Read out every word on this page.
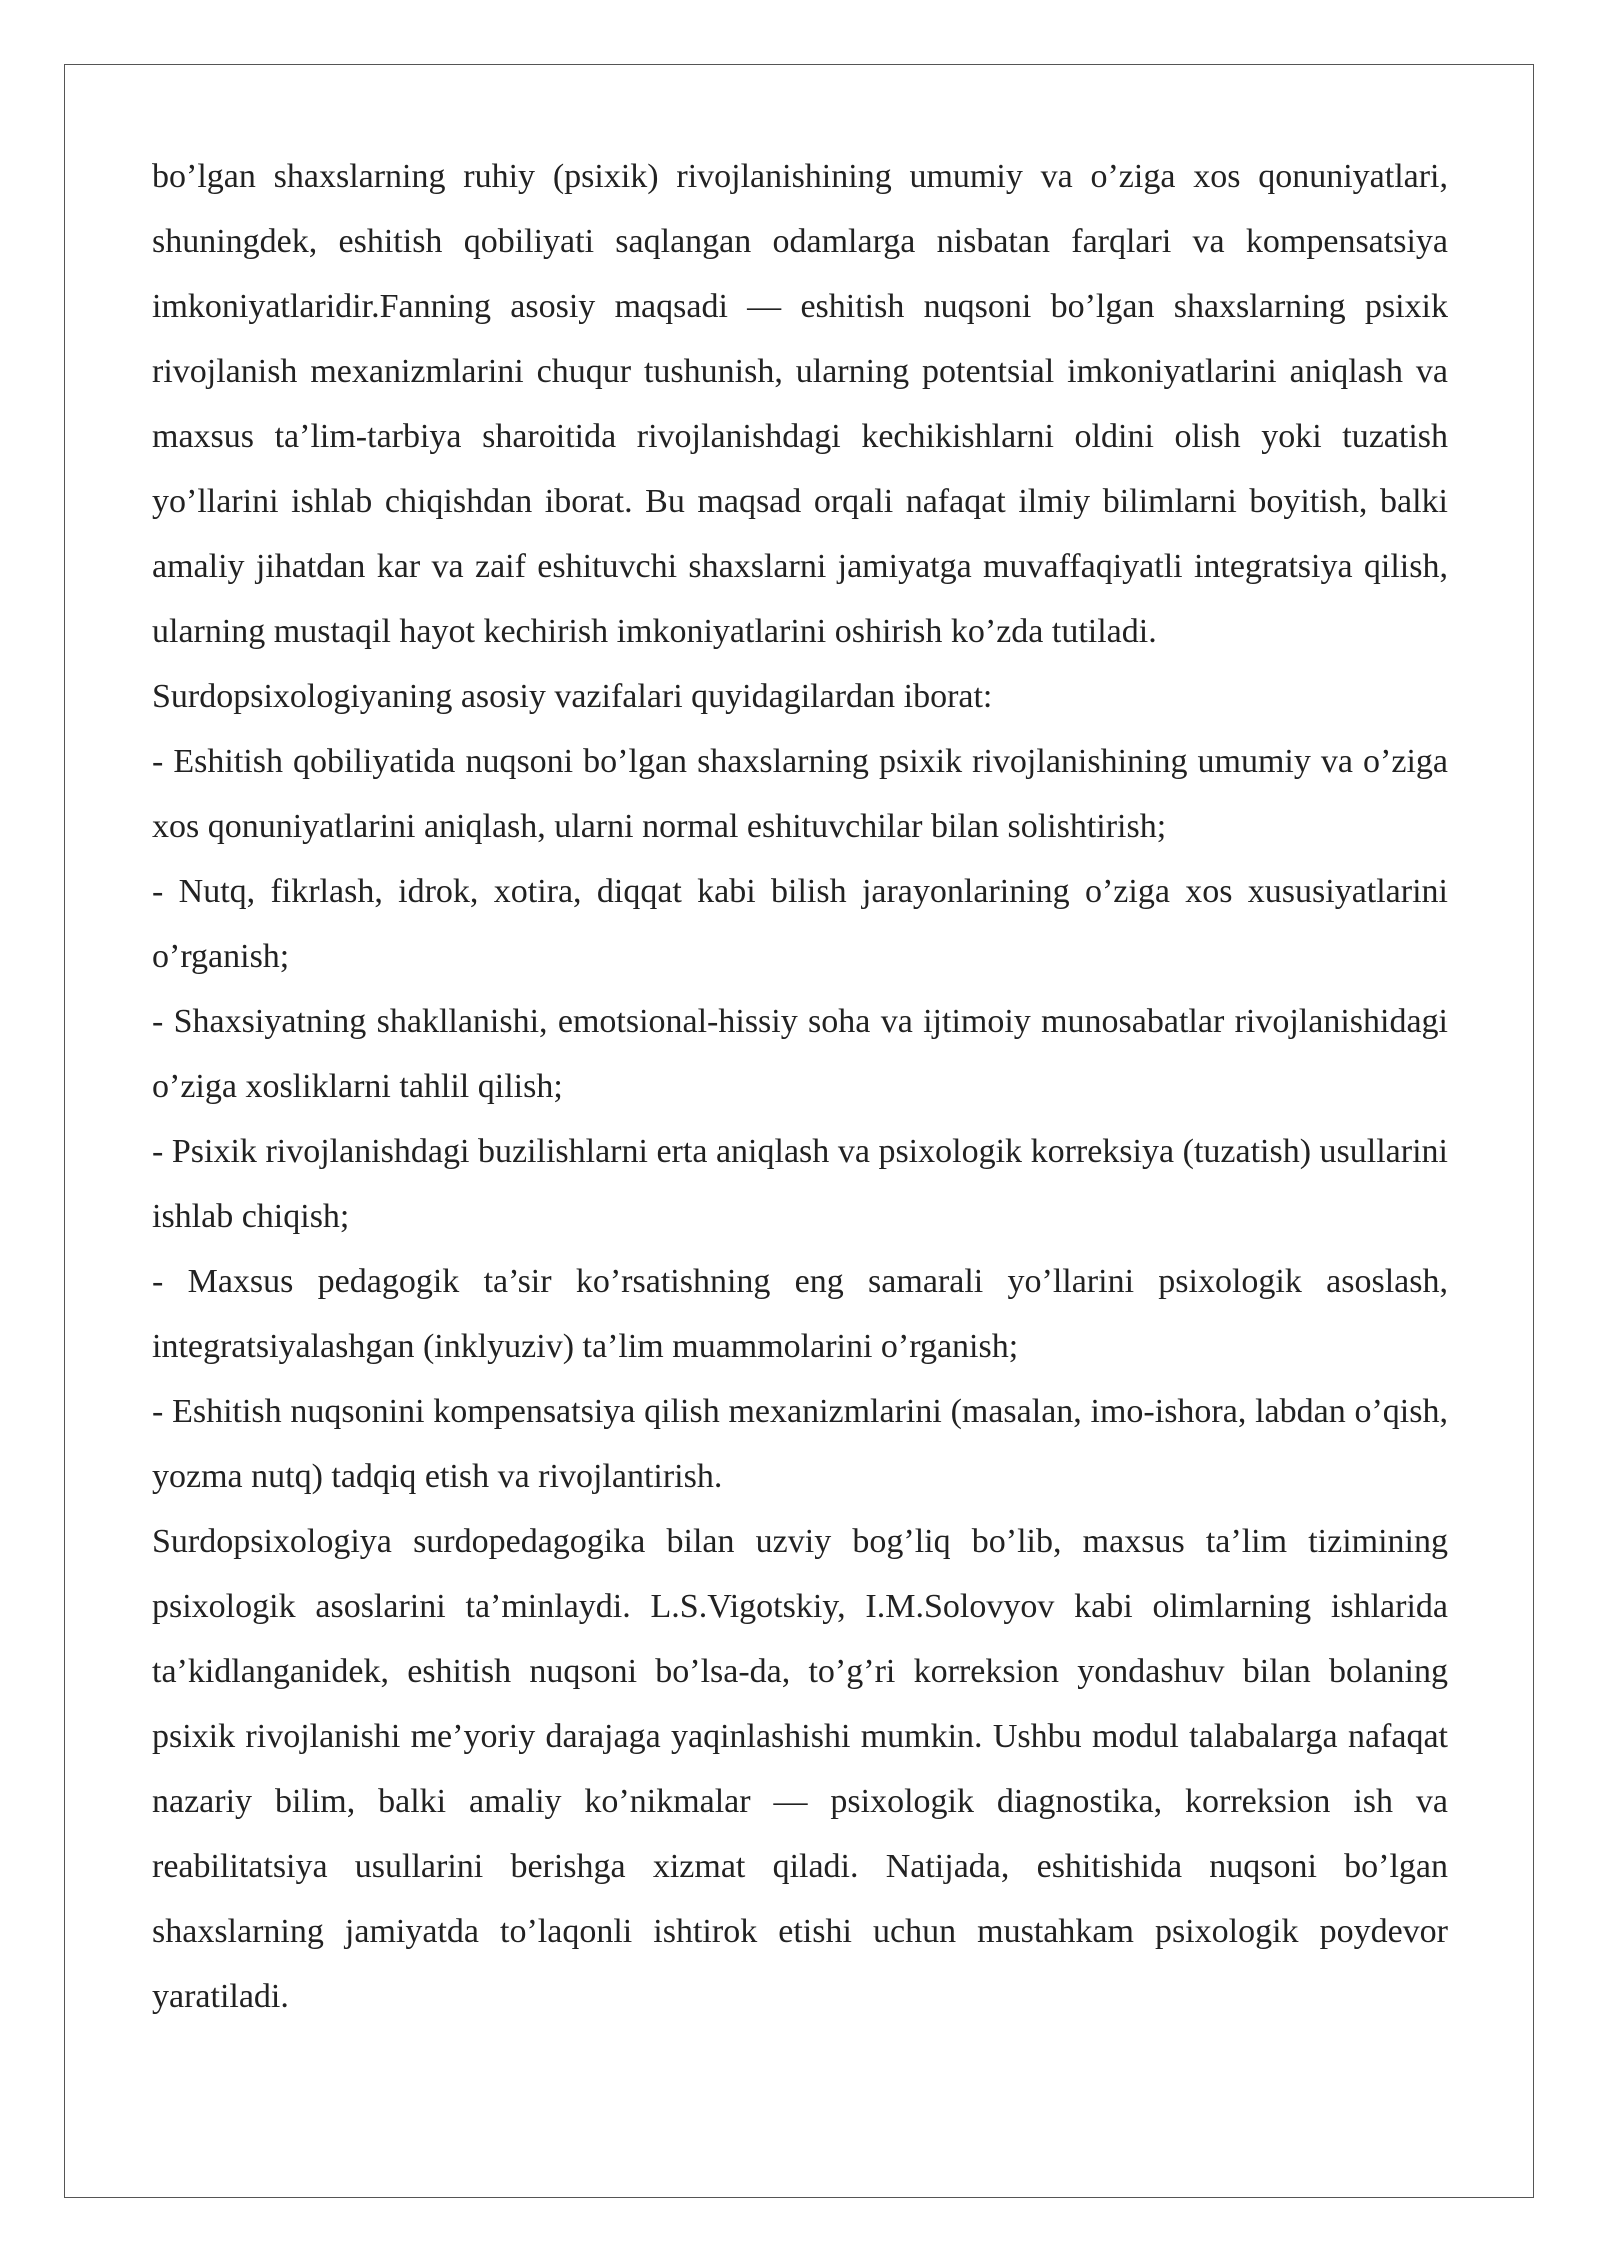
bo’lgan shaxslarning ruhiy (psixik) rivojlanishining umumiy va o’ziga xos qonuniyatlari, shuningdek, eshitish qobiliyati saqlangan odamlarga nisbatan farqlari va kompensatsiya imkoniyatlaridir.Fanning asosiy maqsadi — eshitish nuqsoni bo’lgan shaxslarning psixik rivojlanish mexanizmlarini chuqur tushunish, ularning potentsial imkoniyatlarini aniqlash va maxsus ta’lim-tarbiya sharoitida rivojlanishdagi kechikishlarni oldini olish yoki tuzatish yo’llarini ishlab chiqishdan iborat. Bu maqsad orqali nafaqat ilmiy bilimlarni boyitish, balki amaliy jihatdan kar va zaif eshituvchi shaxslarni jamiyatga muvaffaqiyatli integratsiya qilish, ularning mustaqil hayot kechirish imkoniyatlarini oshirish ko’zda tutiladi.

Surdopsixologiyaning asosiy vazifalari quyidagilardan iborat:

- Eshitish qobiliyatida nuqsoni bo’lgan shaxslarning psixik rivojlanishining umumiy va o’ziga xos qonuniyatlarini aniqlash, ularni normal eshituvchilar bilan solishtirish;

- Nutq, fikrlash, idrok, xotira, diqqat kabi bilish jarayonlarining o’ziga xos xususiyatlarini o’rganish;

- Shaxsiyatning shakllanishi, emotsional-hissiy soha va ijtimoiy munosabatlar rivojlanishidagi o’ziga xosliklarni tahlil qilish;

- Psixik rivojlanishdagi buzilishlarni erta aniqlash va psixologik korreksiya (tuzatish) usullarini ishlab chiqish;

- Maxsus pedagogik ta’sir ko’rsatishning eng samarali yo’llarini psixologik asoslash, integratsiyalashgan (inklyuziv) ta’lim muammolarini o’rganish;

- Eshitish nuqsonini kompensatsiya qilish mexanizmlarini (masalan, imo-ishora, labdan o’qish, yozma nutq) tadqiq etish va rivojlantirish.

Surdopsixologiya surdopedagogika bilan uzviy bog’liq bo’lib, maxsus ta’lim tizimining psixologik asoslarini ta’minlaydi. L.S.Vigotskiy, I.M.Solovyov kabi olimlarning ishlarida ta’kidlanganidek, eshitish nuqsoni bo’lsa-da, to’g’ri korreksion yondashuv bilan bolaning psixik rivojlanishi me’yoriy darajaga yaqinlashishi mumkin. Ushbu modul talabalarga nafaqat nazariy bilim, balki amaliy ko’nikmalar — psixologik diagnostika, korreksion ish va reabilitatsiya usullarini berishga xizmat qiladi. Natijada, eshitishida nuqsoni bo’lgan shaxslarning jamiyatda to’laqonli ishtirok etishi uchun mustahkam psixologik poydevor yaratiladi.
